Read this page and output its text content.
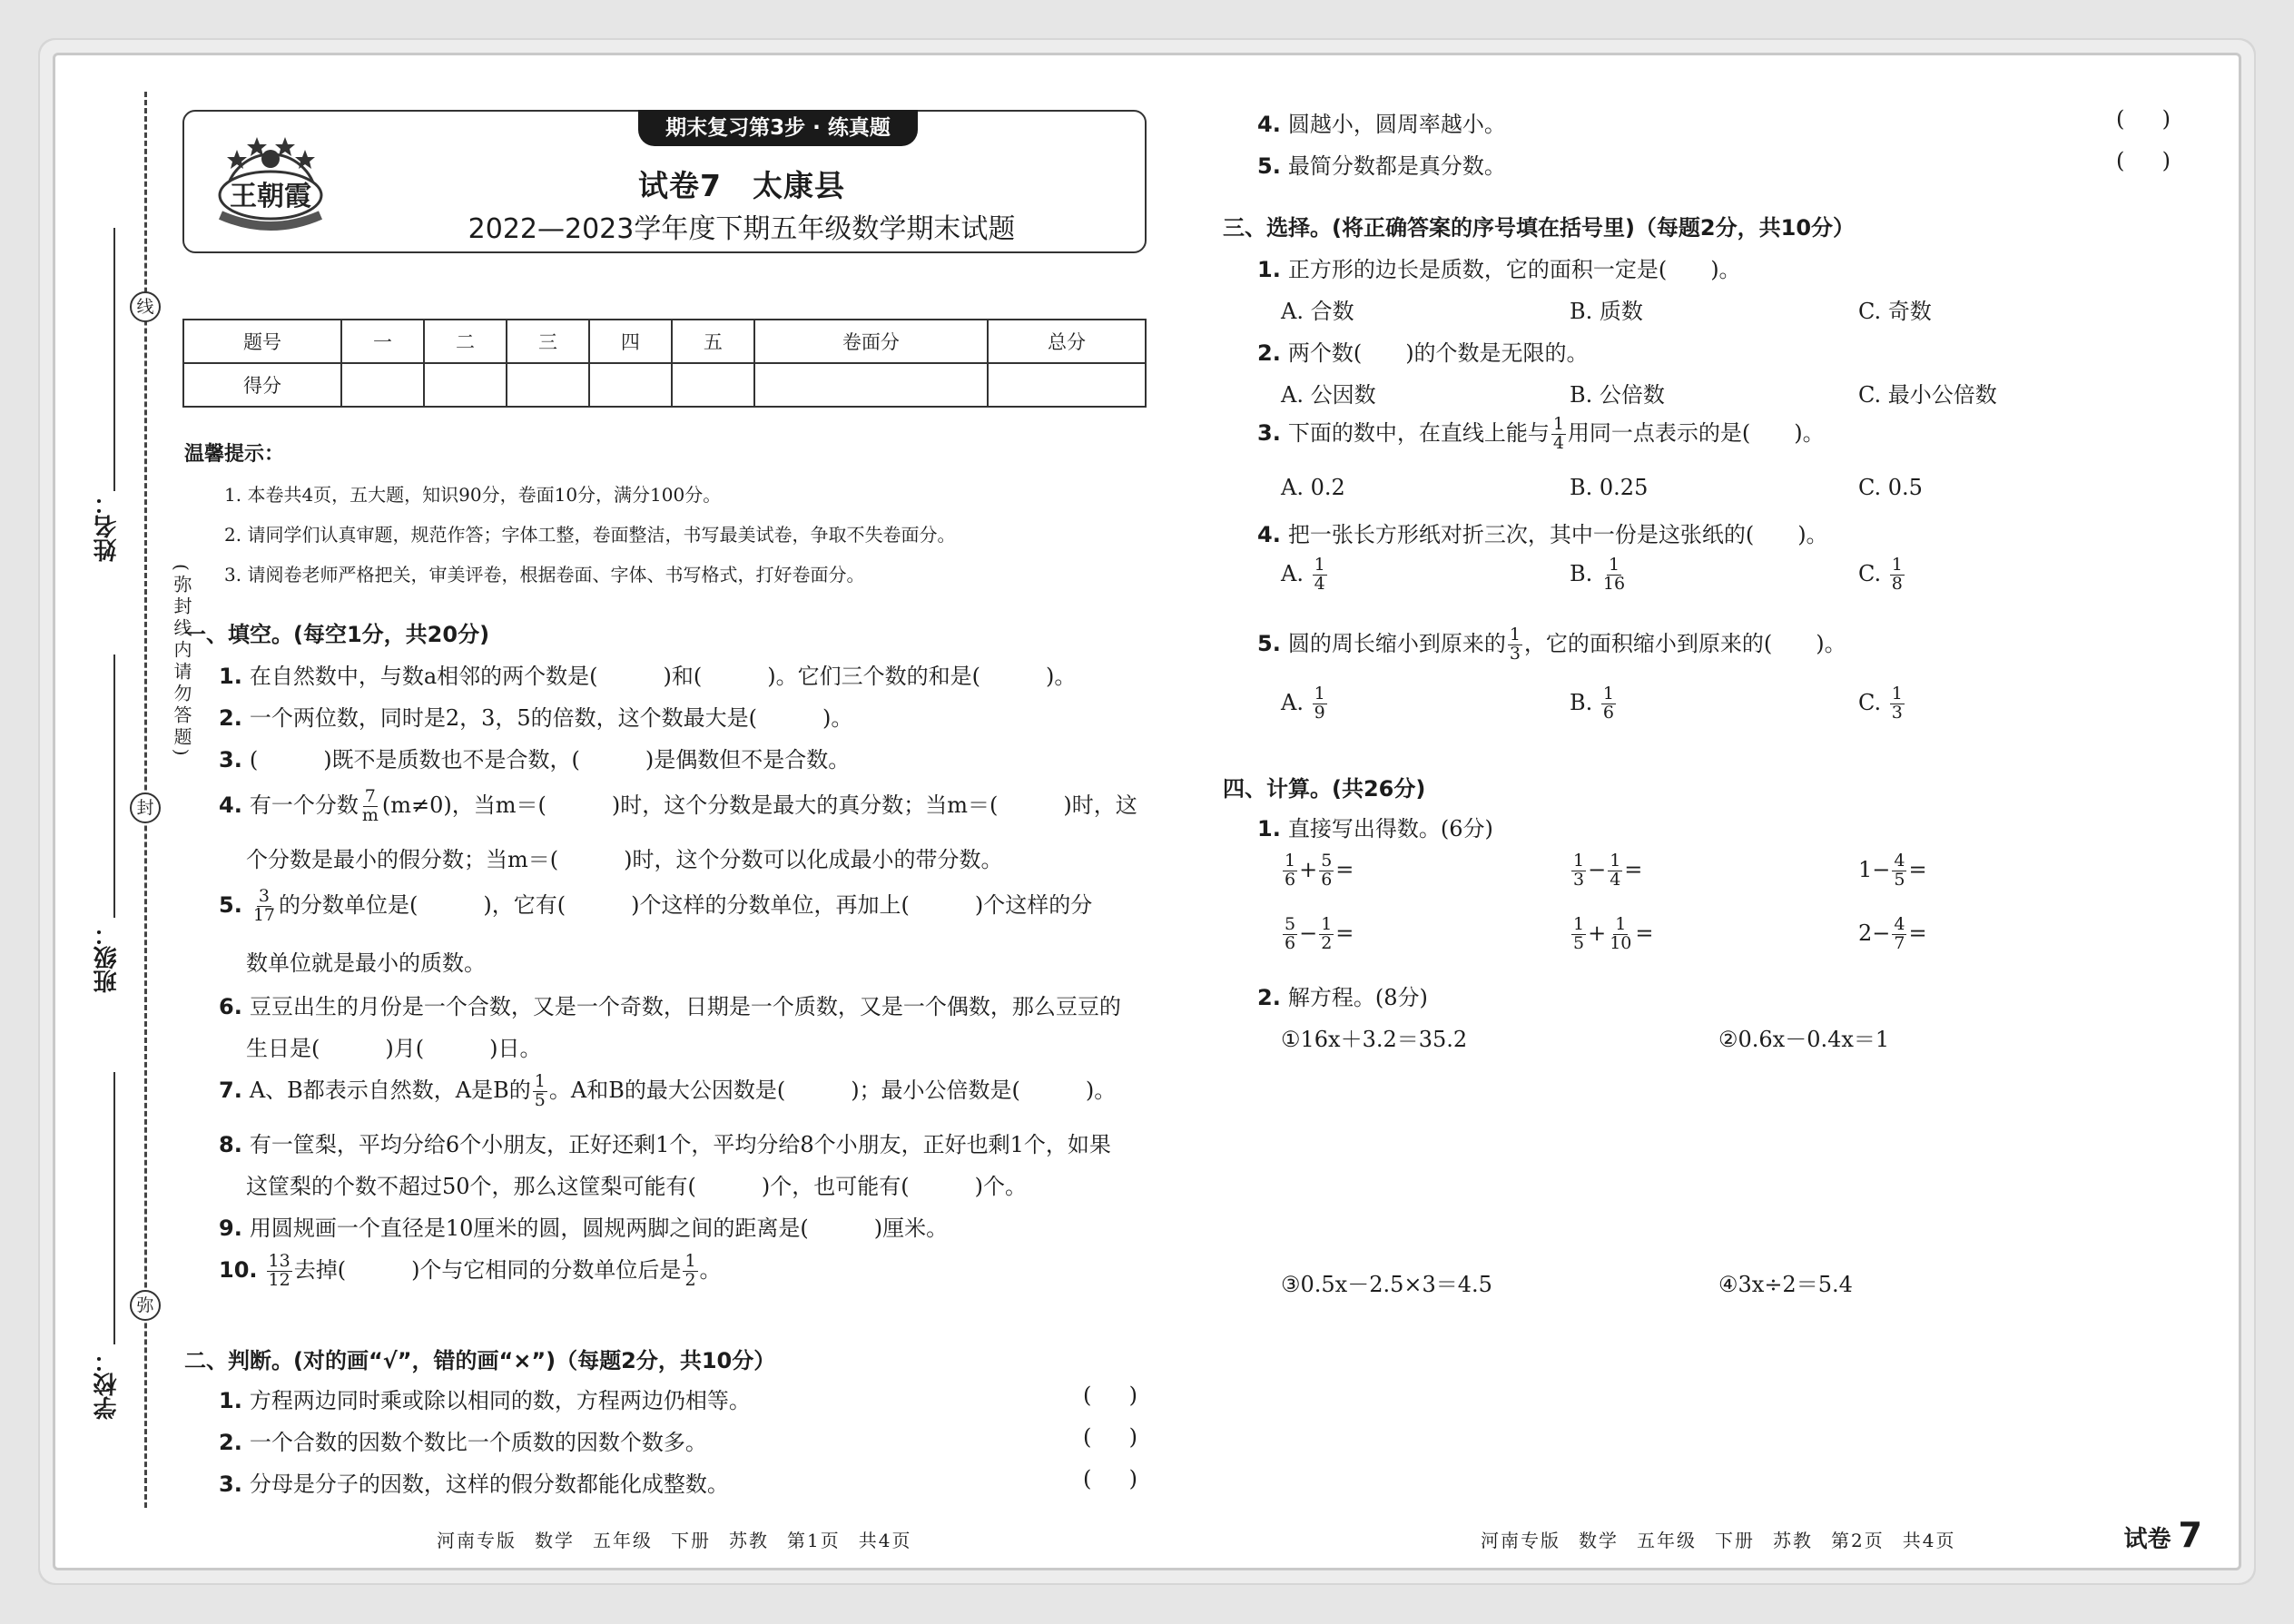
线
封
弥
(弥封线内请勿答题)
姓名：
班级：
学校：
王朝霞
期末复习第3步 · 练真题
试卷7　太康县
2022—2023学年度下期五年级数学期末试题
题号	一	二	三	四	五	卷面分	总分
得分							
温馨提示：
1. 本卷共4页，五大题，知识90分，卷面10分，满分100分。
2. 请同学们认真审题，规范作答；字体工整，卷面整洁，书写最美试卷，争取不失卷面分。
3. 请阅卷老师严格把关，审美评卷，根据卷面、字体、书写格式，打好卷面分。
一、填空。(每空1分，共20分)
1. 在自然数中，与数a相邻的两个数是(　　　)和(　　　)。它们三个数的和是(　　　)。
2. 一个两位数，同时是2，3，5的倍数，这个数最大是(　　　)。
3. (　　　)既不是质数也不是合数，(　　　)是偶数但不是合数。
4. 有一个分数 $\frac{7}{m} (m\ne 0)$，当m＝(　　　)时，这个分数是最大的真分数；当m＝(　　　)时，这
个分数是最小的假分数；当m＝(　　　)时，这个分数可以化成最小的带分数。
5. $\frac{3}{17}$ 的分数单位是(　　　)，它有(　　　)个这样的分数单位，再加上(　　　)个这样的分
数单位就是最小的质数。
6. 豆豆出生的月份是一个合数，又是一个奇数，日期是一个质数，又是一个偶数，那么豆豆的
生日是(　　　)月(　　　)日。
7. A、B都表示自然数，A是B的 $\frac{1}{5}$ 。A和B的最大公因数是(　　　)；最小公倍数是(　　　)。
8. 有一筐梨，平均分给6个小朋友，正好还剩1个，平均分给8个小朋友，正好也剩1个，如果
这筐梨的个数不超过50个，那么这筐梨可能有(　　　)个，也可能有(　　　)个。
9. 用圆规画一个直径是10厘米的圆，圆规两脚之间的距离是(　　　)厘米。
10. $\frac{13}{12}$ 去掉(　　　)个与它相同的分数单位后是 $\frac{1}{2}$ 。
二、判断。(对的画“√”，错的画“×”)（每题2分，共10分）
1. 方程两边同时乘或除以相同的数，方程两边仍相等。	( )
2. 一个合数的因数个数比一个质数的因数个数多。	( )
3. 分母是分子的因数，这样的假分数都能化成整数。	( )
4. 圆越小，圆周率越小。	( )
5. 最简分数都是真分数。	( )
三、选择。(将正确答案的序号填在括号里)（每题2分，共10分）
1. 正方形的边长是质数，它的面积一定是(　　)。
A. 合数	B. 质数	C. 奇数
2. 两个数(　　)的个数是无限的。
A. 公因数	B. 公倍数	C. 最小公倍数
3. 下面的数中，在直线上能与 $\frac{1}{4}$ 用同一点表示的是(　　)。
A. 0.2	B. 0.25	C. 0.5
4. 把一张长方形纸对折三次，其中一份是这张纸的(　　)。
A. $\frac{1}{4}$	B. $\frac{1}{16}$	C. $\frac{1}{8}$
5. 圆的周长缩小到原来的 $\frac{1}{3}$ ，它的面积缩小到原来的(　　)。
A. $\frac{1}{9}$	B. $\frac{1}{6}$	C. $\frac{1}{3}$
四、计算。(共26分)
1. 直接写出得数。(6分)
$\frac{1}{6} + \frac{5}{6}$ =	$\frac{1}{3} - \frac{1}{4}$ =	$1- \frac{4}{5}$ =
$\frac{5}{6} - \frac{1}{2}$ =	$\frac{1}{5} + \frac{1}{10}$ =	$2- \frac{4}{7}$ =
2. 解方程。(8分)
①16x＋3.2＝35.2	②0.6x－0.4x＝1
③0.5x－2.5×3＝4.5	④3x÷2＝5.4
河南专版 数学 五年级 下册 苏教 第1页 共4页	河南专版 数学 五年级 下册 苏教 第2页 共4页	试卷 7
